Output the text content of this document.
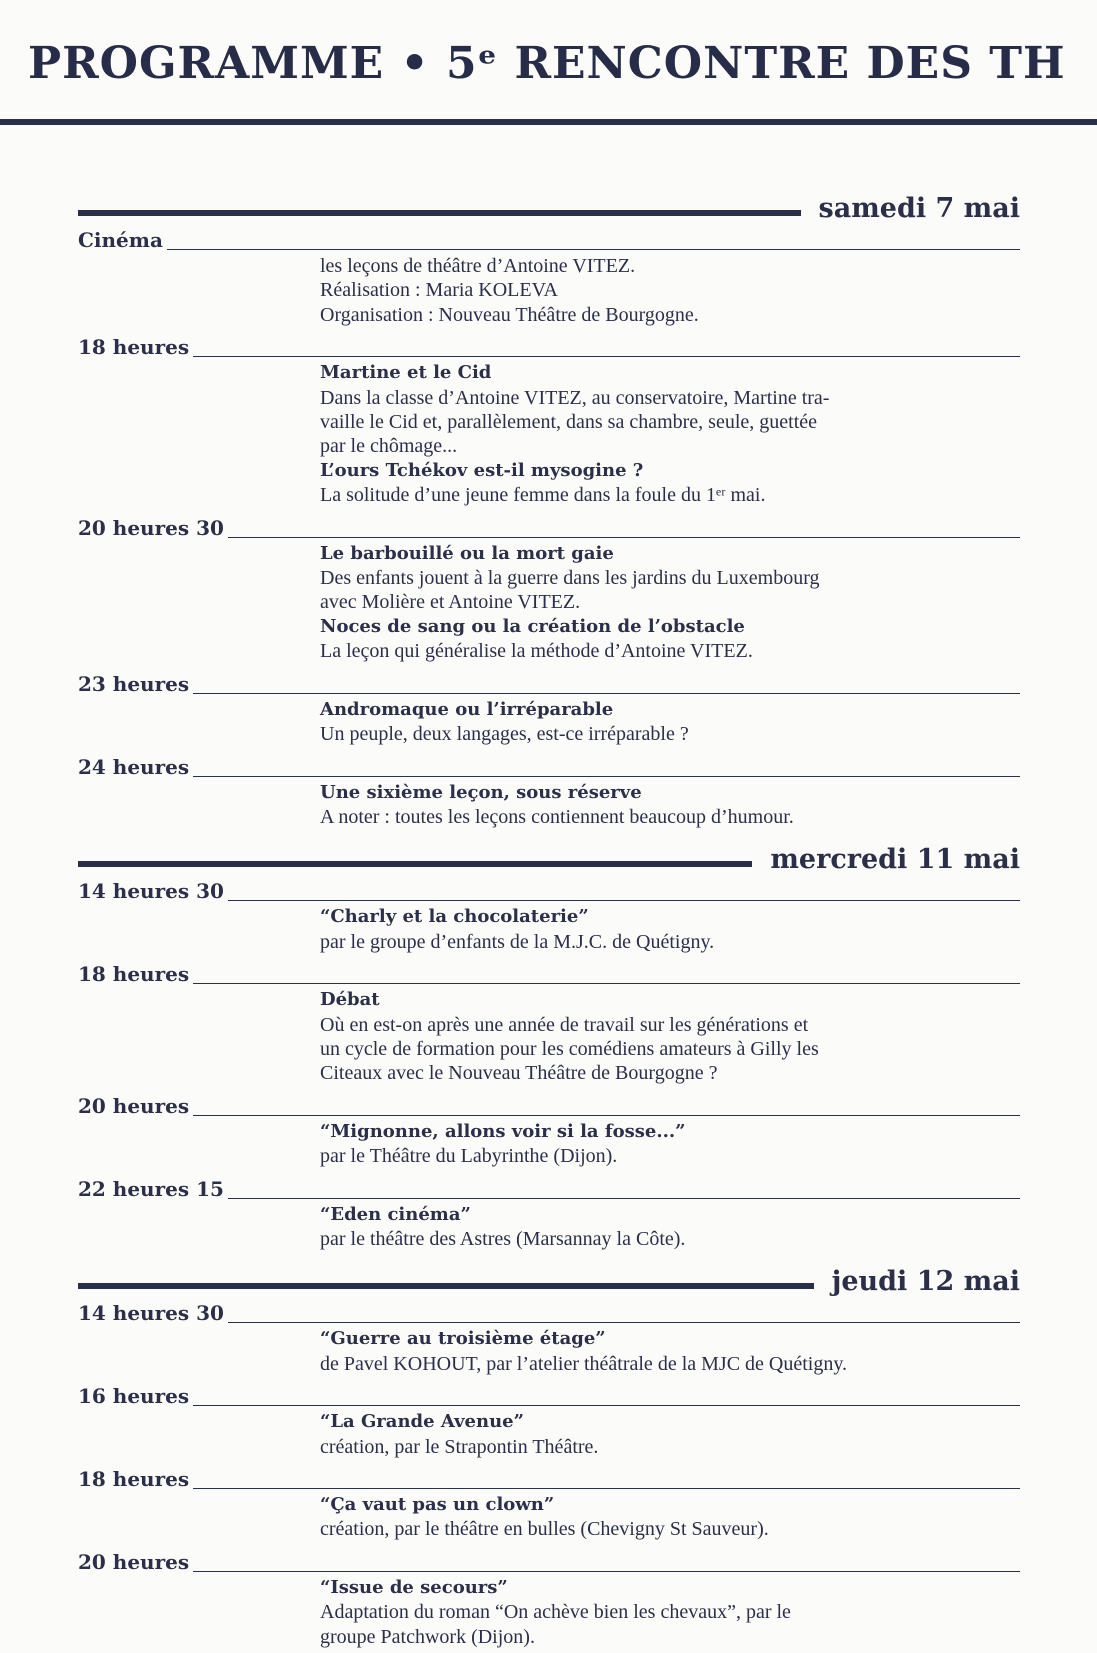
PROGRAMME • 5ᵉ RENCONTRE DES TH
samedi 7 mai
Cinéma
les leçons de théâtre d’Antoine VITEZ.
Réalisation : Maria KOLEVA
Organisation : Nouveau Théâtre de Bourgogne.
18 heures
Martine et le Cid
Dans la classe d’Antoine VITEZ, au conservatoire, Martine tra-
vaille le Cid et, parallèlement, dans sa chambre, seule, guettée
par le chômage...
L’ours Tchékov est-il mysogine ?
La solitude d’une jeune femme dans la foule du 1ᵉʳ mai.
20 heures 30
Le barbouillé ou la mort gaie
Des enfants jouent à la guerre dans les jardins du Luxembourg
avec Molière et Antoine VITEZ.
Noces de sang ou la création de l’obstacle
La leçon qui généralise la méthode d’Antoine VITEZ.
23 heures
Andromaque ou l’irréparable
Un peuple, deux langages, est-ce irréparable ?
24 heures
Une sixième leçon, sous réserve
A noter : toutes les leçons contiennent beaucoup d’humour.
mercredi 11 mai
14 heures 30
“Charly et la chocolaterie”
par le groupe d’enfants de la M.J.C. de Quétigny.
18 heures
Débat
Où en est-on après une année de travail sur les générations et
un cycle de formation pour les comédiens amateurs à Gilly les
Citeaux avec le Nouveau Théâtre de Bourgogne ?
20 heures
“Mignonne, allons voir si la fosse...”
par le Théâtre du Labyrinthe (Dijon).
22 heures 15
“Eden cinéma”
par le théâtre des Astres (Marsannay la Côte).
jeudi 12 mai
14 heures 30
“Guerre au troisième étage”
de Pavel KOHOUT, par l’atelier théâtrale de la MJC de Quétigny.
16 heures
“La Grande Avenue”
création, par le Strapontin Théâtre.
18 heures
“Ça vaut pas un clown”
création, par le théâtre en bulles (Chevigny St Sauveur).
20 heures
“Issue de secours”
Adaptation du roman “On achève bien les chevaux”, par le
groupe Patchwork (Dijon).
